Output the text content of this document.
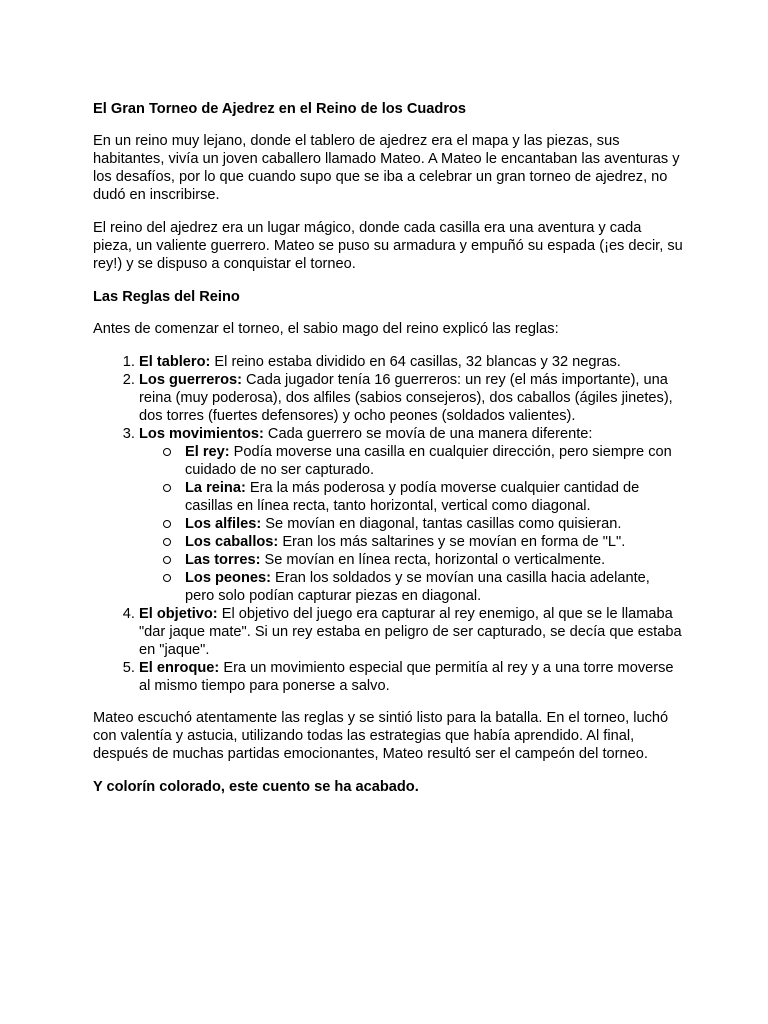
El Gran Torneo de Ajedrez en el Reino de los Cuadros

En un reino muy lejano, donde el tablero de ajedrez era el mapa y las piezas, sus habitantes, vivía un joven caballero llamado Mateo. A Mateo le encantaban las aventuras y los desafíos, por lo que cuando supo que se iba a celebrar un gran torneo de ajedrez, no dudó en inscribirse.

El reino del ajedrez era un lugar mágico, donde cada casilla era una aventura y cada pieza, un valiente guerrero. Mateo se puso su armadura y empuñó su espada (¡es decir, su rey!) y se dispuso a conquistar el torneo.

Las Reglas del Reino

Antes de comenzar el torneo, el sabio mago del reino explicó las reglas:

1. El tablero: El reino estaba dividido en 64 casillas, 32 blancas y 32 negras.
2. Los guerreros: Cada jugador tenía 16 guerreros: un rey (el más importante), una reina (muy poderosa), dos alfiles (sabios consejeros), dos caballos (ágiles jinetes), dos torres (fuertes defensores) y ocho peones (soldados valientes).
3. Los movimientos: Cada guerrero se movía de una manera diferente:
El rey: Podía moverse una casilla en cualquier dirección, pero siempre con cuidado de no ser capturado.
La reina: Era la más poderosa y podía moverse cualquier cantidad de casillas en línea recta, tanto horizontal, vertical como diagonal.
Los alfiles: Se movían en diagonal, tantas casillas como quisieran.
Los caballos: Eran los más saltarines y se movían en forma de "L".
Las torres: Se movían en línea recta, horizontal o verticalmente.
Los peones: Eran los soldados y se movían una casilla hacia adelante, pero solo podían capturar piezas en diagonal.
4. El objetivo: El objetivo del juego era capturar al rey enemigo, al que se le llamaba "dar jaque mate". Si un rey estaba en peligro de ser capturado, se decía que estaba en "jaque".
5. El enroque: Era un movimiento especial que permitía al rey y a una torre moverse al mismo tiempo para ponerse a salvo.

Mateo escuchó atentamente las reglas y se sintió listo para la batalla. En el torneo, luchó con valentía y astucia, utilizando todas las estrategias que había aprendido. Al final, después de muchas partidas emocionantes, Mateo resultó ser el campeón del torneo.

Y colorín colorado, este cuento se ha acabado.
